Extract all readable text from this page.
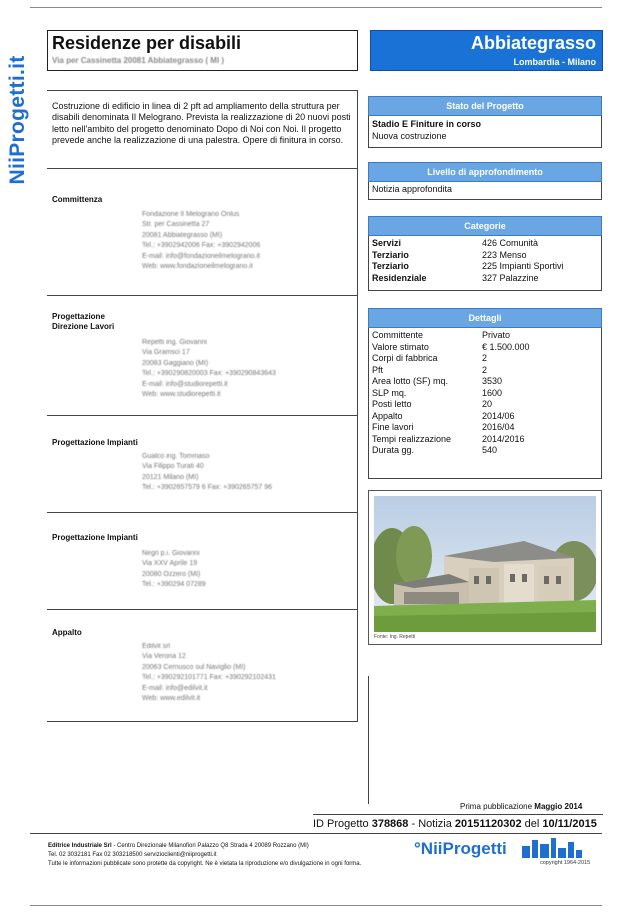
NiiProgetti.it
Residenze per disabili
Via per Cassinetta 20081 Abbiategrasso ( MI )
Abbiategrasso
Lombardia - Milano
Costruzione di edificio in linea di 2 pft ad ampliamento della struttura per disabili denominata Il Melograno. Prevista la realizzazione di 20 nuovi posti letto nell'ambito del progetto denominato Dopo di Noi con Noi. Il progetto prevede anche la realizzazione di una palestra. Opere di finitura in corso.
Committenza
Fondazione Il Melograno Onlus
Str. per Cassinetta 27
20081 Abbiategrasso (MI)
Tel.: +3902942006 Fax: +3902942006
E-mail: info@fondazioneilmelograno.it
Web: www.fondazioneilmelograno.it
Progettazione
Direzione Lavori
Repetti ing. Giovanni
Via Gramsci 17
20083 Gaggiano (MI)
Tel.: +390290820003 Fax: +390290843643
E-mail: info@studiorepetti.it
Web: www.studiorepetti.it
Progettazione Impianti
Gualco ing. Tommaso
Via Filippo Turati 40
20121 Milano (MI)
Tel.: +3902657579 6 Fax: +390265757 96
Progettazione Impianti
Negri p.i. Giovanni
Via XXV Aprile 19
20080 Ozzero (MI)
Tel.: +390294 07289
Appalto
Edilvit srl
Via Verona 12
20063 Cernusco sul Naviglio (MI)
Tel.: +390292101771 Fax: +390292102431
E-mail: info@edilvit.it
Web: www.edilvit.it
Stato del Progetto
Stadio E Finiture in corso
Nuova costruzione
Livello di approfondimento
Notizia approfondita
Categorie
Servizi	426 Comunità
Terziario	223 Menso
Terziario	225 Impianti Sportivi
Residenziale	327 Palazzine
Dettagli
Committente	Privato
Valore stimato	€ 1.500.000
Corpi di fabbrica	2
Pft	2
Area lotto (SF) mq.	3530
SLP mq.	1600
Posti letto	20
Appalto	2014/06
Fine lavori	2016/04
Tempi realizzazione	2014/2016
Durata gg.	540
Fonte: Ing. Repetti
Prima pubblicazione Maggio 2014
ID Progetto 378868 - Notizia 20151120302 del 10/11/2015
Editrice Industriale Srl - Centro Direzionale Milanofiori Palazzo Q8 Strada 4 20089 Rozzano (MI)
Tel. 02 3032181 Fax 02 303218500 servizioclienti@niiprogetti.it
Tutte le informazioni pubblicate sono protette da copyright. Ne è vietata la riproduzione e/o divulgazione in ogni forma.
°NiiProgetti
copyright 1964-2015
